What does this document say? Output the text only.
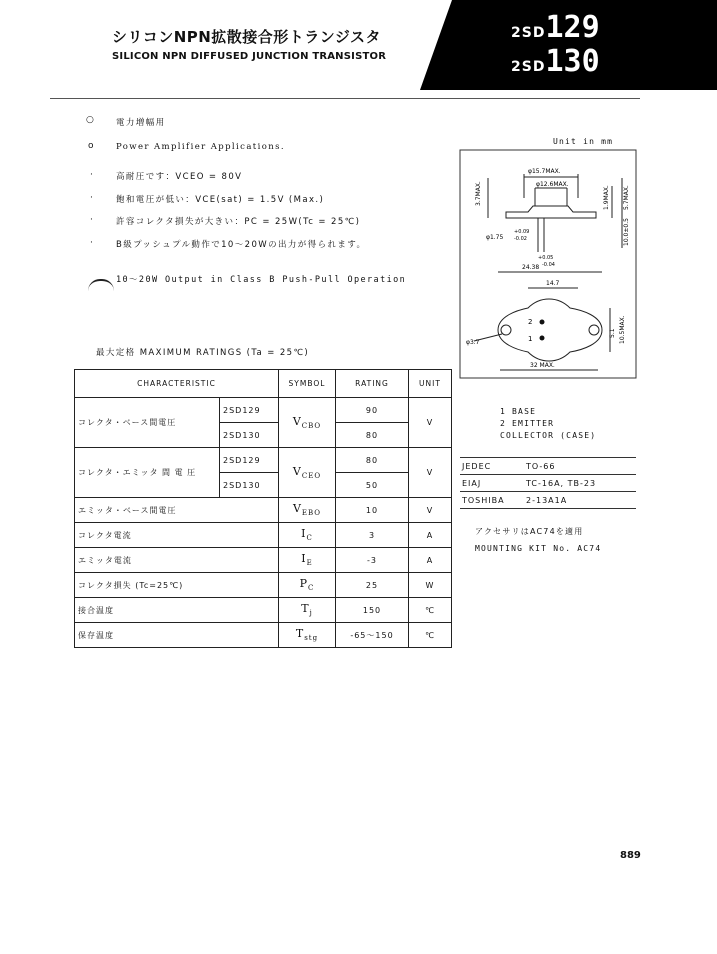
シリコンNPN拡散接合形トランジスタ
SILICON NPN DIFFUSED JUNCTION TRANSISTOR
2SD129
2SD130
○	電力増幅用
o	Power Amplifier Applications.
·	高耐圧です：VCEO = 80V
·	飽和電圧が低い：VCE(sat) = 1.5V (Max.)
·	許容コレクタ損失が大きい：PC = 25W(Tc = 25℃)
·	B級プッシュプル動作で10～20Wの出力が得られます。
10～20W Output in Class B Push-Pull Operation
最大定格 MAXIMUM RATINGS (Ta = 25℃)
CHARACTERISTIC		SYMBOL	RATING	UNIT
コレクタ・ベース間電圧	2SD129	$V_{CBO}$	90	V
	2SD130		80	
コレクタ・エミッタ 間 電 圧	2SD129	$V_{CEO}$	80	V
	2SD130		50	
エミッタ・ベース間電圧		$V_{EBO}$	10	V
コレクタ電流		$I_C$	3	A
エミッタ電流		$I_E$	-3	A
コレクタ損失 (Tc=25℃)		$P_C$	25	W
接合温度		$T_j$	150	℃
保存温度		$T_{stg}$	-65～150	℃
Unit in mm
φ15.7MAX.
φ12.6MAX.
3.7MAX.	1.9MAX. 5.7MAX.
10.0±0.5
φ1.75
+0.09
-0.02
2
1
+0.05
-0.04
24.38
14.7
φ3.7	10.5MAX.
5.1
32 MAX.
1 BASE
2 EMITTER
COLLECTOR (CASE)
JEDEC	TO-66
EIAJ	TC-16A, TB-23
TOSHIBA	2-13A1A
アクセサリはAC74を適用
MOUNTING KIT No. AC74
889
